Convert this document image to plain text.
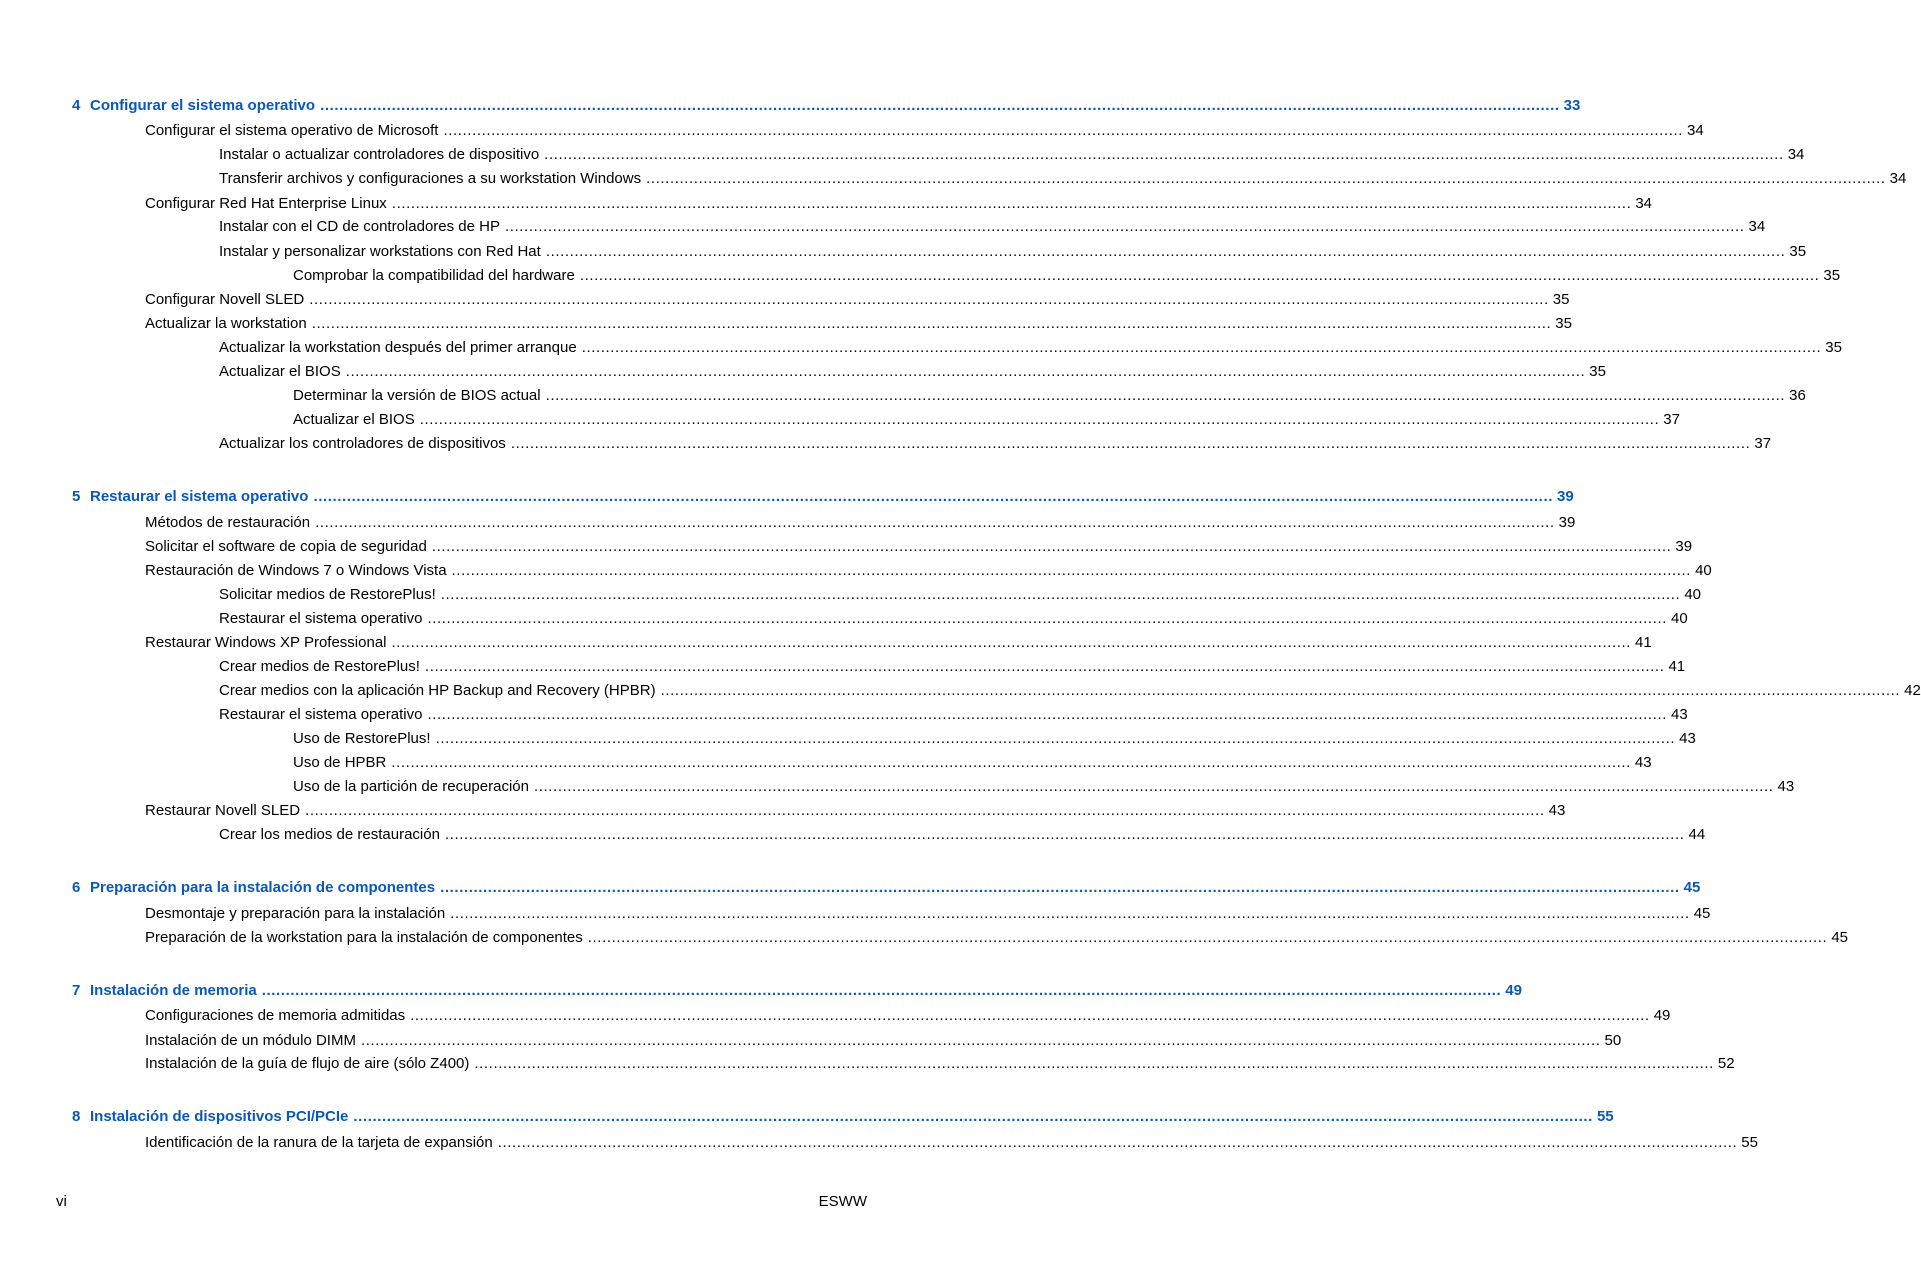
4 Configurar el sistema operativo .................................................................................................................................................................................................................................................................... 33
Configurar el sistema operativo de Microsoft .................................................................................................................................................................................................................................................................... 34
Instalar o actualizar controladores de dispositivo .................................................................................................................................................................................................................................................................... 34
Transferir archivos y configuraciones a su workstation Windows .................................................................................................................................................................................................................................................................... 34
Configurar Red Hat Enterprise Linux .................................................................................................................................................................................................................................................................... 34
Instalar con el CD de controladores de HP .................................................................................................................................................................................................................................................................... 34
Instalar y personalizar workstations con Red Hat .................................................................................................................................................................................................................................................................... 35
Comprobar la compatibilidad del hardware .................................................................................................................................................................................................................................................................... 35
Configurar Novell SLED .................................................................................................................................................................................................................................................................... 35
Actualizar la workstation .................................................................................................................................................................................................................................................................... 35
Actualizar la workstation después del primer arranque .................................................................................................................................................................................................................................................................... 35
Actualizar el BIOS .................................................................................................................................................................................................................................................................... 35
Determinar la versión de BIOS actual .................................................................................................................................................................................................................................................................... 36
Actualizar el BIOS .................................................................................................................................................................................................................................................................... 37
Actualizar los controladores de dispositivos .................................................................................................................................................................................................................................................................... 37
5 Restaurar el sistema operativo .................................................................................................................................................................................................................................................................... 39
Métodos de restauración .................................................................................................................................................................................................................................................................... 39
Solicitar el software de copia de seguridad .................................................................................................................................................................................................................................................................... 39
Restauración de Windows 7 o Windows Vista .................................................................................................................................................................................................................................................................... 40
Solicitar medios de RestorePlus! .................................................................................................................................................................................................................................................................... 40
Restaurar el sistema operativo .................................................................................................................................................................................................................................................................... 40
Restaurar Windows XP Professional .................................................................................................................................................................................................................................................................... 41
Crear medios de RestorePlus! .................................................................................................................................................................................................................................................................... 41
Crear medios con la aplicación HP Backup and Recovery (HPBR) .................................................................................................................................................................................................................................................................... 42
Restaurar el sistema operativo .................................................................................................................................................................................................................................................................... 43
Uso de RestorePlus! .................................................................................................................................................................................................................................................................... 43
Uso de HPBR .................................................................................................................................................................................................................................................................... 43
Uso de la partición de recuperación .................................................................................................................................................................................................................................................................... 43
Restaurar Novell SLED .................................................................................................................................................................................................................................................................... 43
Crear los medios de restauración .................................................................................................................................................................................................................................................................... 44
6 Preparación para la instalación de componentes .................................................................................................................................................................................................................................................................... 45
Desmontaje y preparación para la instalación .................................................................................................................................................................................................................................................................... 45
Preparación de la workstation para la instalación de componentes .................................................................................................................................................................................................................................................................... 45
7 Instalación de memoria .................................................................................................................................................................................................................................................................... 49
Configuraciones de memoria admitidas .................................................................................................................................................................................................................................................................... 49
Instalación de un módulo DIMM .................................................................................................................................................................................................................................................................... 50
Instalación de la guía de flujo de aire (sólo Z400) .................................................................................................................................................................................................................................................................... 52
8 Instalación de dispositivos PCI/PCIe .................................................................................................................................................................................................................................................................... 55
Identificación de la ranura de la tarjeta de expansión .................................................................................................................................................................................................................................................................... 55
vi	ESWW
